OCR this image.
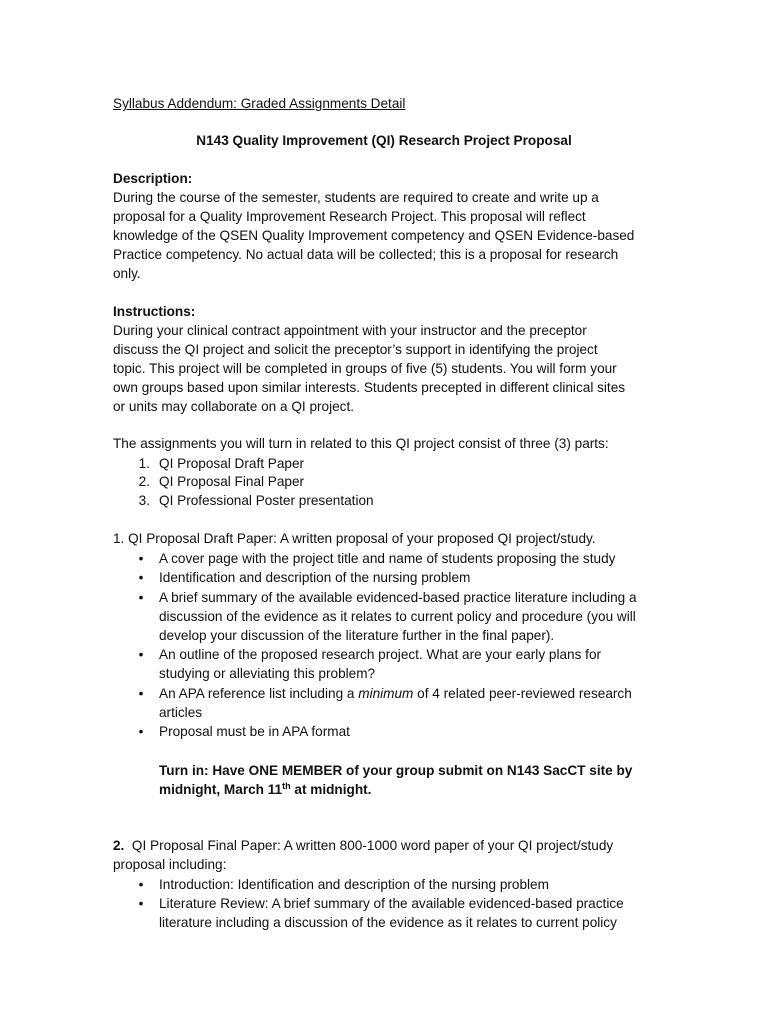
Syllabus Addendum: Graded Assignments Detail
N143 Quality Improvement (QI) Research Project Proposal
Description:
During the course of the semester, students are required to create and write up a
proposal for a Quality Improvement Research Project. This proposal will reflect
knowledge of the QSEN Quality Improvement competency and QSEN Evidence-based
Practice competency. No actual data will be collected; this is a proposal for research
only.
Instructions:
During your clinical contract appointment with your instructor and the preceptor
discuss the QI project and solicit the preceptor’s support in identifying the project
topic. This project will be completed in groups of five (5) students. You will form your
own groups based upon similar interests. Students precepted in different clinical sites
or units may collaborate on a QI project.
The assignments you will turn in related to this QI project consist of three (3) parts:
1. QI Proposal Draft Paper
2. QI Proposal Final Paper
3. QI Professional Poster presentation
1. QI Proposal Draft Paper: A written proposal of your proposed QI project/study.
• A cover page with the project title and name of students proposing the study
• Identification and description of the nursing problem
• A brief summary of the available evidenced-based practice literature including a
discussion of the evidence as it relates to current policy and procedure (you will
develop your discussion of the literature further in the final paper).
• An outline of the proposed research project. What are your early plans for
studying or alleviating this problem?
• An APA reference list including a minimum of 4 related peer-reviewed research
articles
• Proposal must be in APA format
Turn in: Have ONE MEMBER of your group submit on N143 SacCT site by
midnight, March 11th at midnight.
2.  QI Proposal Final Paper: A written 800-1000 word paper of your QI project/study
proposal including:
• Introduction: Identification and description of the nursing problem
• Literature Review: A brief summary of the available evidenced-based practice
literature including a discussion of the evidence as it relates to current policy
